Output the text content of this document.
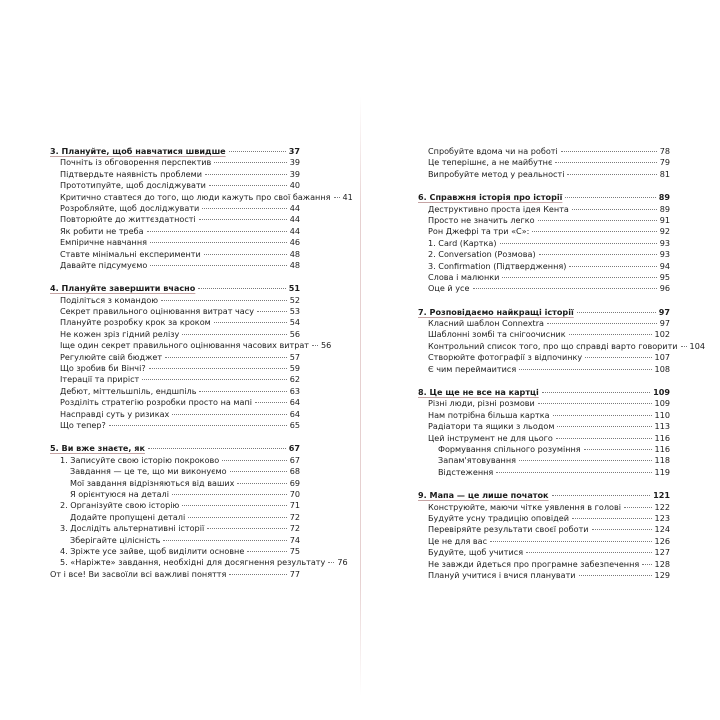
3. Плануйте, щоб навчатися швидше	37
Почніть із обговорення перспектив	39
Підтвердьте наявність проблеми	39
Прототипуйте, щоб досліджувати	40
Критично ставтеся до того, що люди кажуть про свої бажання 41
Розробляйте, щоб досліджувати	44
Повторюйте до життєздатності	44
Як робити не треба	44
Емпіричне навчання	46
Ставте мінімальні експерименти	48
Давайте підсумуємо	48
4. Плануйте завершити вчасно	51
Поділіться з командою	52
Секрет правильного оцінювання витрат часу	53
Плануйте розробку крок за кроком	54
Не кожен зріз гідний релізу	56
Іще один секрет правильного оцінювання часових витрат 56
Регулюйте свій бюджет	57
Що зробив би Вінчі?	59
Ітерації та приріст	62
Дебют, міттельшпіль, ендшпіль	63
Розділіть стратегію розробки просто на мапі	64
Насправді суть у ризиках	64
Що тепер?	65
5. Ви вже знаєте, як	67
1. Записуйте свою історію покроково	67
Завдання — це те, що ми виконуємо	68
Мої завдання відрізняються від ваших	69
Я орієнтуюся на деталі	70
2. Організуйте свою історію	71
Додайте пропущені деталі	72
3. Дослідіть альтернативні історії	72
Зберігайте цілісність	74
4. Зріжте усе зайве, щоб виділити основне	75
5. «Наріжте» завдання, необхідні для досягнення результату 76
От і все! Ви засвоїли всі важливі поняття	77
Спробуйте вдома чи на роботі	78
Це теперішнє, а не майбутнє	79
Випробуйте метод у реальності	81
6. Справжня історія про історії	89
Деструктивно проста ідея Кента	89
Просто не значить легко	91
Рон Джефрі та три «С»:	92
1. Card (Картка)	93
2. Conversation (Розмова)	93
3. Confirmation (Підтвердження)	94
Слова і малюнки	95
Оце й усе	96
7. Розповідаємо найкращі історії	97
Класний шаблон Connextra	97
Шаблонні зомбі та снігоочисник	102
Контрольний список того, про що справді варто говорити 104
Створюйте фотографії з відпочинку	107
Є чим переймаитися	108
8. Це ще не все на картці	109
Різні люди, різні розмови	109
Нам потрібна більша картка	110
Радіатори та ящики з льодом	113
Цей інструмент не для цього	116
Формування спільного розуміння	116
Запам'ятовування	118
Відстеження	119
9. Мапа — це лише початок	121
Конструюйте, маючи чітке уявлення в голові	122
Будуйте усну традицію оповідей	123
Перевіряйте результати своєї роботи	124
Це не для вас	126
Будуйте, щоб учитися	127
Не завжди йдеться про програмне забезпечення 128
Плануй учитися і вчися планувати	129
